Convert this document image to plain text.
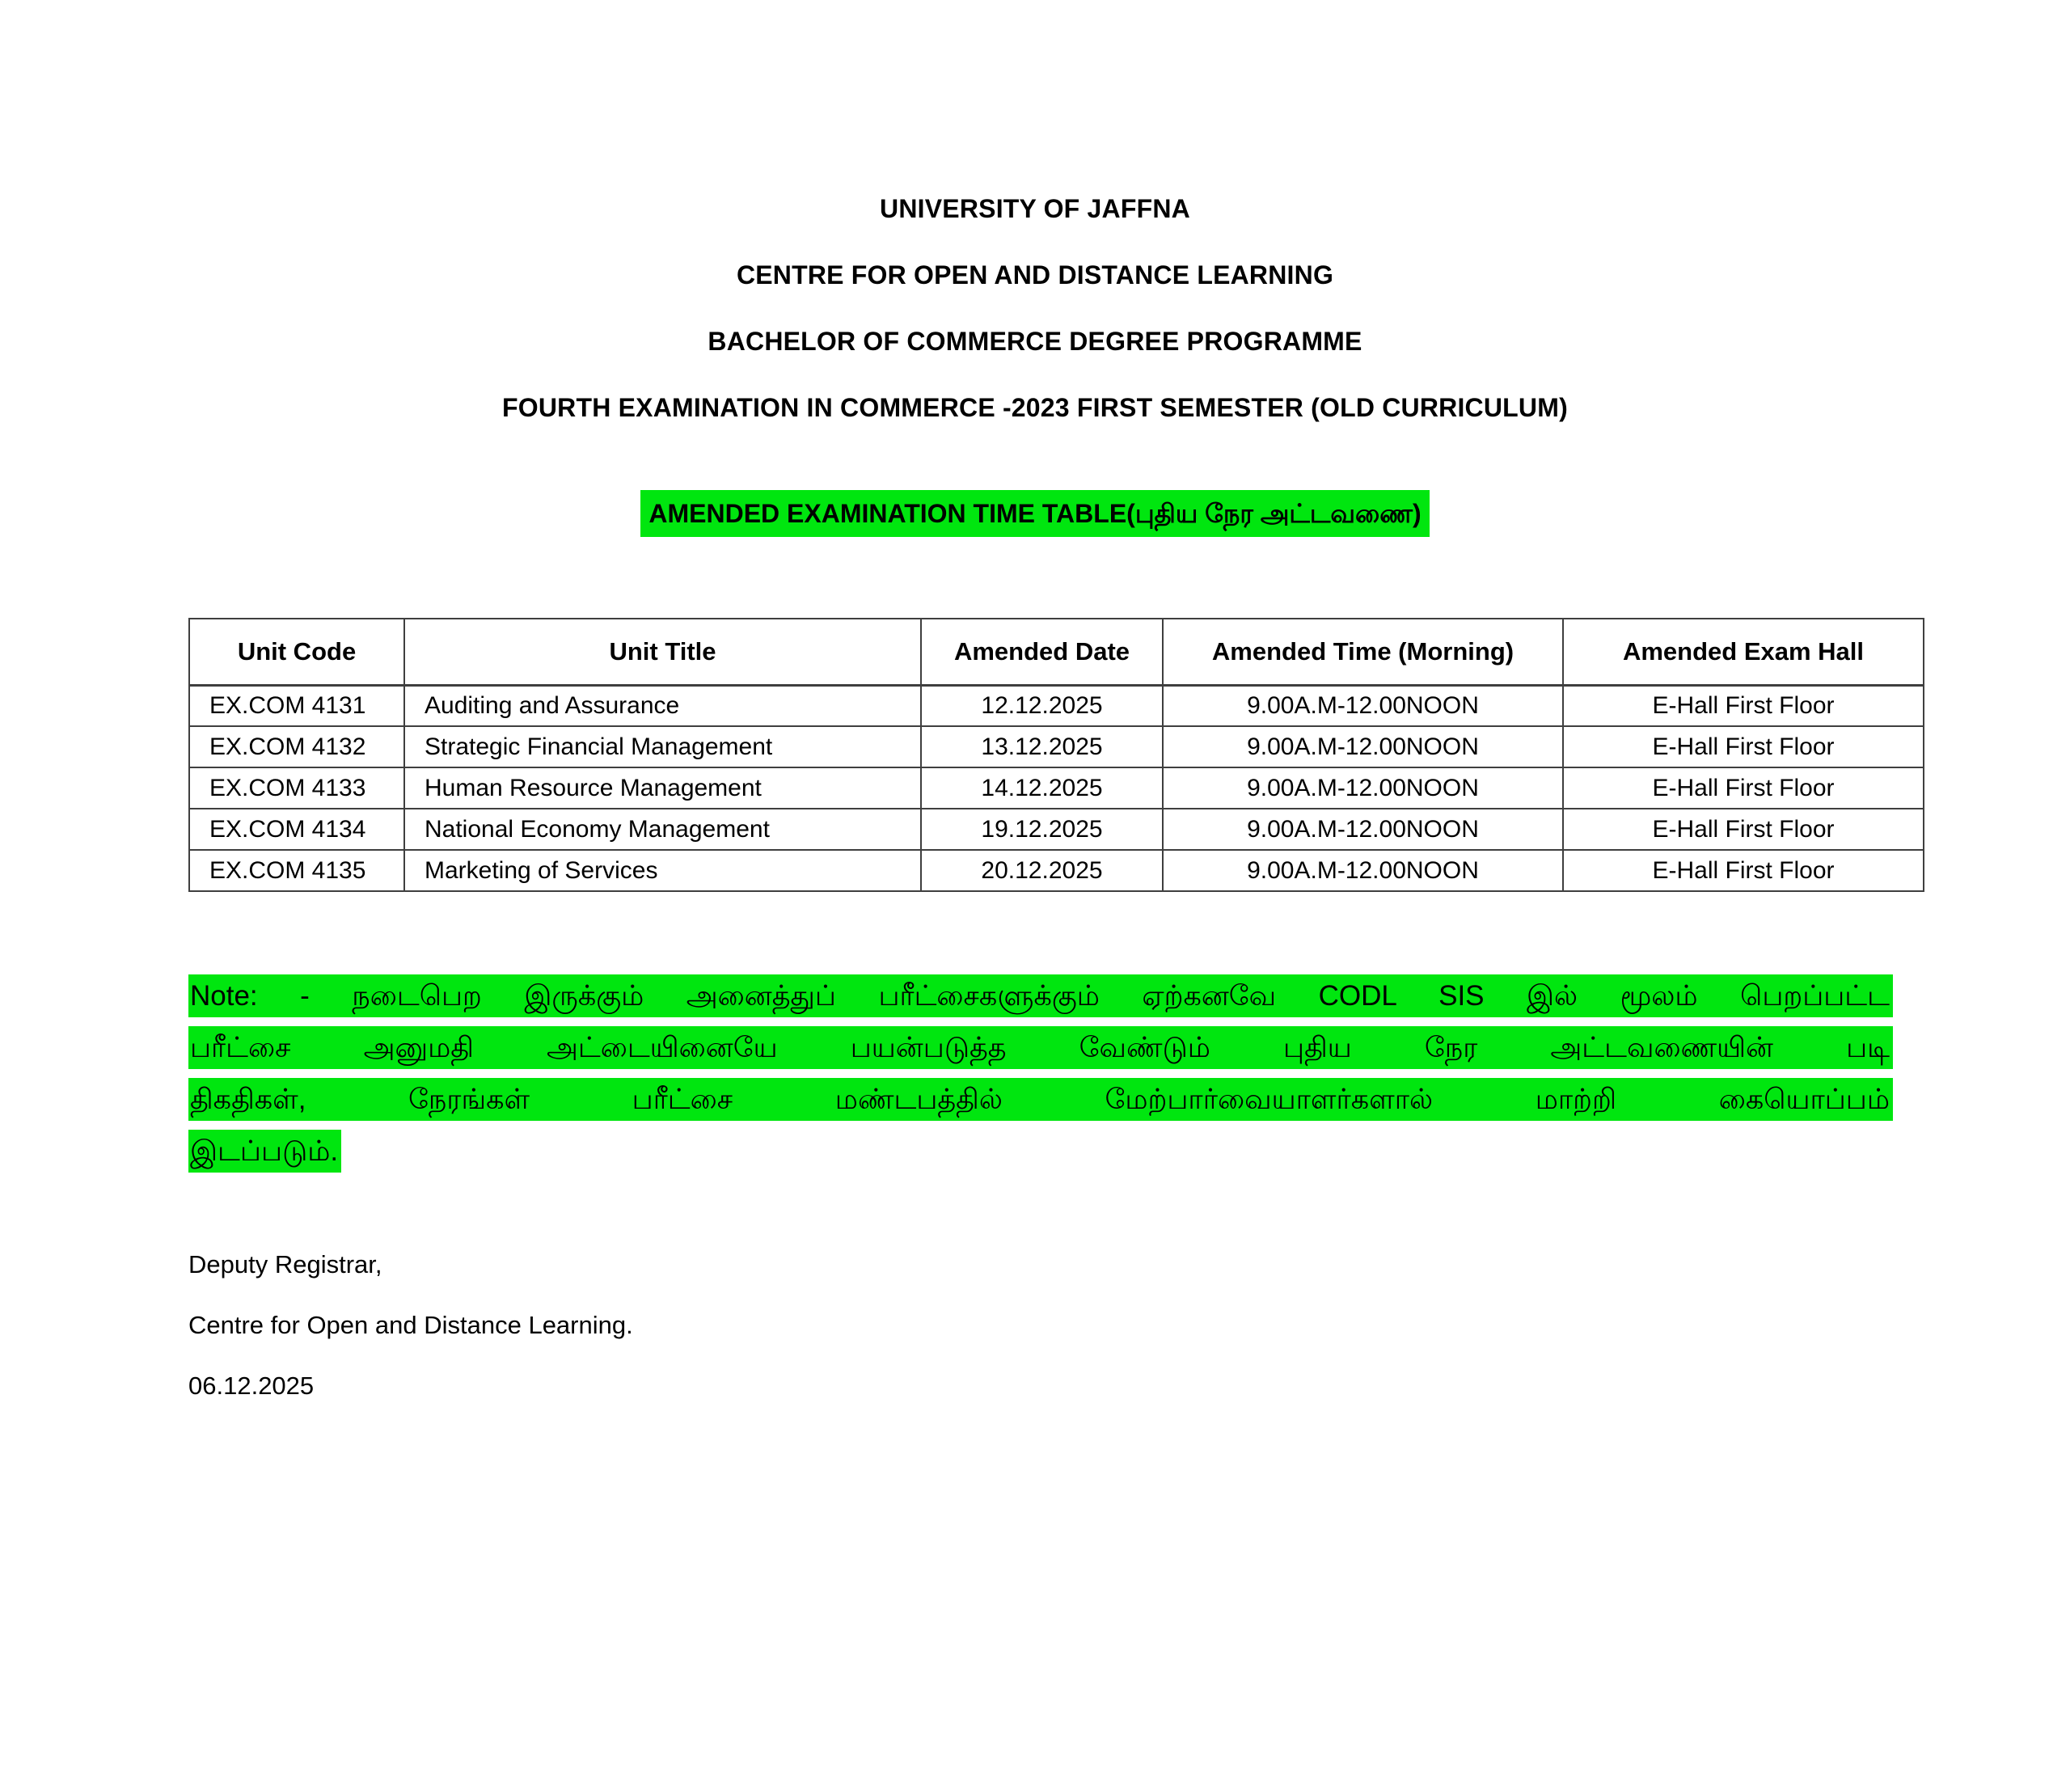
UNIVERSITY OF JAFFNA
CENTRE FOR OPEN AND DISTANCE LEARNING
BACHELOR OF COMMERCE DEGREE PROGRAMME
FOURTH EXAMINATION IN COMMERCE -2023 FIRST SEMESTER (OLD CURRICULUM)
AMENDED EXAMINATION TIME TABLE(புதிய நேர அட்டவணை)
Unit Code	Unit Title	Amended Date	Amended Time (Morning)	Amended Exam Hall
EX.COM 4131	Auditing and Assurance	12.12.2025	9.00A.M-12.00NOON	E-Hall First Floor
EX.COM 4132	Strategic Financial Management	13.12.2025	9.00A.M-12.00NOON	E-Hall First Floor
EX.COM 4133	Human Resource Management	14.12.2025	9.00A.M-12.00NOON	E-Hall First Floor
EX.COM 4134	National Economy Management	19.12.2025	9.00A.M-12.00NOON	E-Hall First Floor
EX.COM 4135	Marketing of Services	20.12.2025	9.00A.M-12.00NOON	E-Hall First Floor
Note: - நடைபெற இருக்கும் அனைத்துப் பரீட்சைகளுக்கும் ஏற்கனவே CODL SIS இல் மூலம் பெறப்பட்ட
பரீட்சை அனுமதி அட்டையினையே பயன்படுத்த வேண்டும் புதிய நேர அட்டவணையின் படி
திகதிகள், நேரங்கள் பரீட்சை மண்டபத்தில் மேற்பார்வையாளர்களால் மாற்றி கையொப்பம்
இடப்படும்.
Deputy Registrar,
Centre for Open and Distance Learning.
06.12.2025
